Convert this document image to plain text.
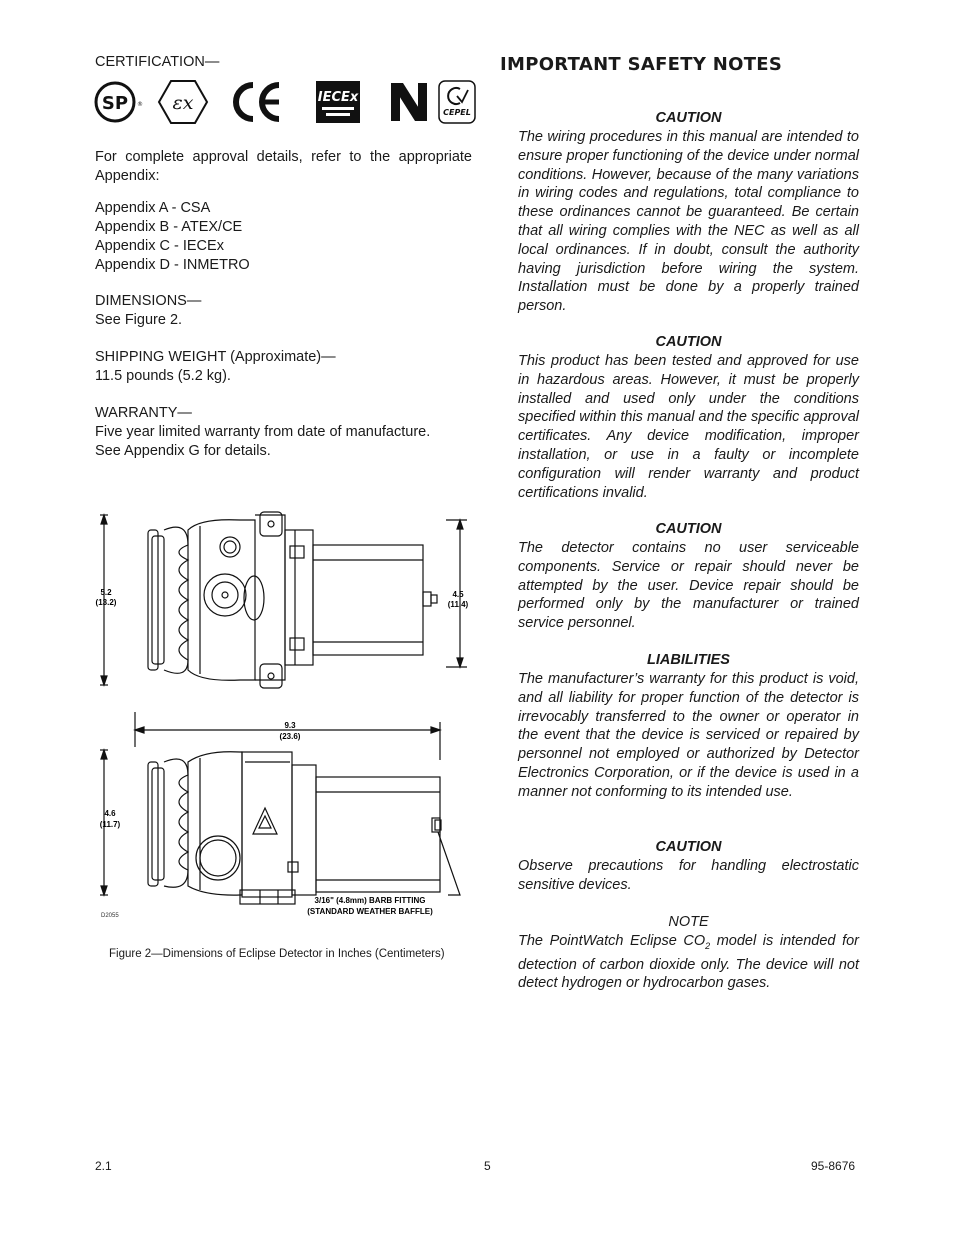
CERTIFICATION—
SP ® εx	IECEx
CEPEL
For complete approval details, refer to the appropriate Appendix:
Appendix A - CSA
Appendix B - ATEX/CE
Appendix C - IECEx
Appendix D - INMETRO
DIMENSIONS—
See Figure 2.
SHIPPING WEIGHT (Approximate)—
11.5 pounds (5.2 kg).
WARRANTY—
Five year limited warranty from date of manufacture.
See Appendix G for details.
5.2
(13.2)
4.5
(11.4)
9.3
(23.6)
4.6
(11.7)
3/16" (4.8mm) BARB FITTING
(STANDARD WEATHER BAFFLE)
D2055
Figure 2—Dimensions of Eclipse Detector in Inches (Centimeters)
IMPORTANT SAFETY NOTES
CAUTION
The wiring procedures in this manual are intended to ensure proper functioning of the device under normal conditions. However, because of the many variations in wiring codes and regulations, total compliance to these ordinances cannot be guaranteed. Be certain that all wiring complies with the NEC as well as all local ordinances. If in doubt, consult the authority having jurisdiction before wiring the system. Installation must be done by a properly trained person.
CAUTION
This product has been tested and approved for use in hazardous areas. However, it must be properly installed and used only under the conditions specified within this manual and the specific approval certificates. Any device modification, improper installation, or use in a faulty or incomplete configuration will render warranty and product certifications invalid.
CAUTION
The detector contains no user serviceable components. Service or repair should never be attempted by the user. Device repair should be performed only by the manufacturer or trained service personnel.
LIABILITIES
The manufacturer’s warranty for this product is void, and all liability for proper function of the detector is irrevocably transferred to the owner or operator in the event that the device is serviced or repaired by personnel not employed or authorized by Detector Electronics Corporation, or if the device is used in a manner not conforming to its intended use.
CAUTION
Observe precautions for handling electrostatic sensitive devices.
NOTE
The PointWatch Eclipse $CO_2$ model is intended for detection of carbon dioxide only. The device will not detect hydrogen or hydrocarbon gases.
2.1	5	95-8676
